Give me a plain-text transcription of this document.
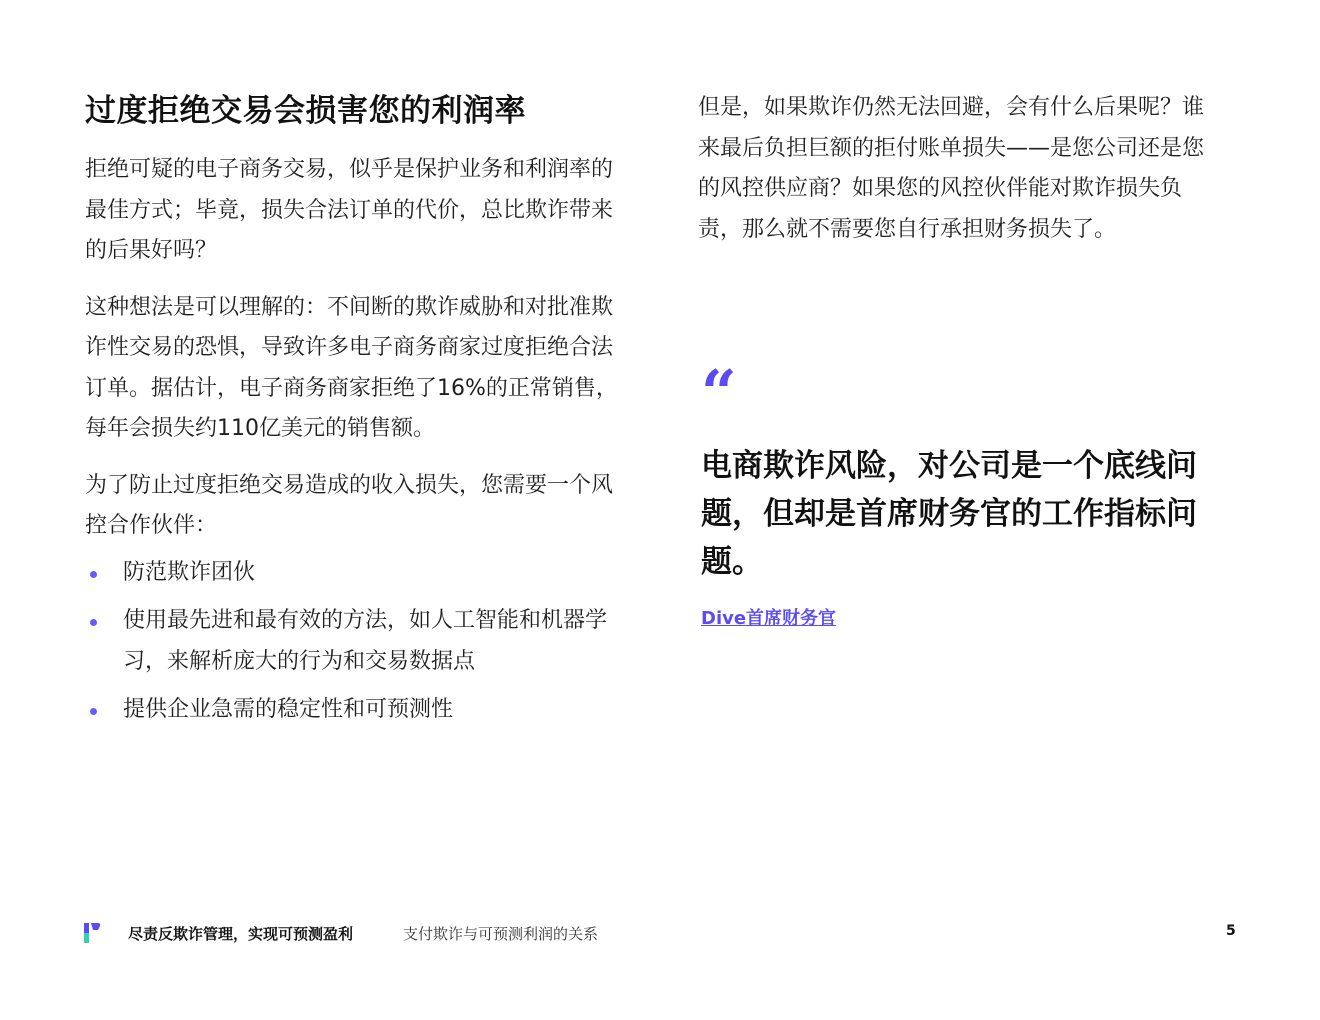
过度拒绝交易会损害您的利润率

拒绝可疑的电子商务交易，似乎是保护业务和利润率的最佳方式；毕竟，损失合法订单的代价，总比欺诈带来的后果好吗？

这种想法是可以理解的：不间断的欺诈威胁和对批准欺诈性交易的恐惧，导致许多电子商务商家过度拒绝合法订单。据估计，电子商务商家拒绝了16%的正常销售，每年会损失约110亿美元的销售额。

为了防止过度拒绝交易造成的收入损失，您需要一个风控合作伙伴：

防范欺诈团伙
使用最先进和最有效的方法，如人工智能和机器学习，来解析庞大的行为和交易数据点
提供企业急需的稳定性和可预测性

但是，如果欺诈仍然无法回避，会有什么后果呢？谁来最后负担巨额的拒付账单损失——是您公司还是您的风控供应商？如果您的风控伙伴能对欺诈损失负责，那么就不需要您自行承担财务损失了。

“

电商欺诈风险，对公司是一个底线问题，但却是首席财务官的工作指标问题。

Dive首席财务官
尽责反欺诈管理，实现可预测盈利	支付欺诈与可预测利润的关系	5
